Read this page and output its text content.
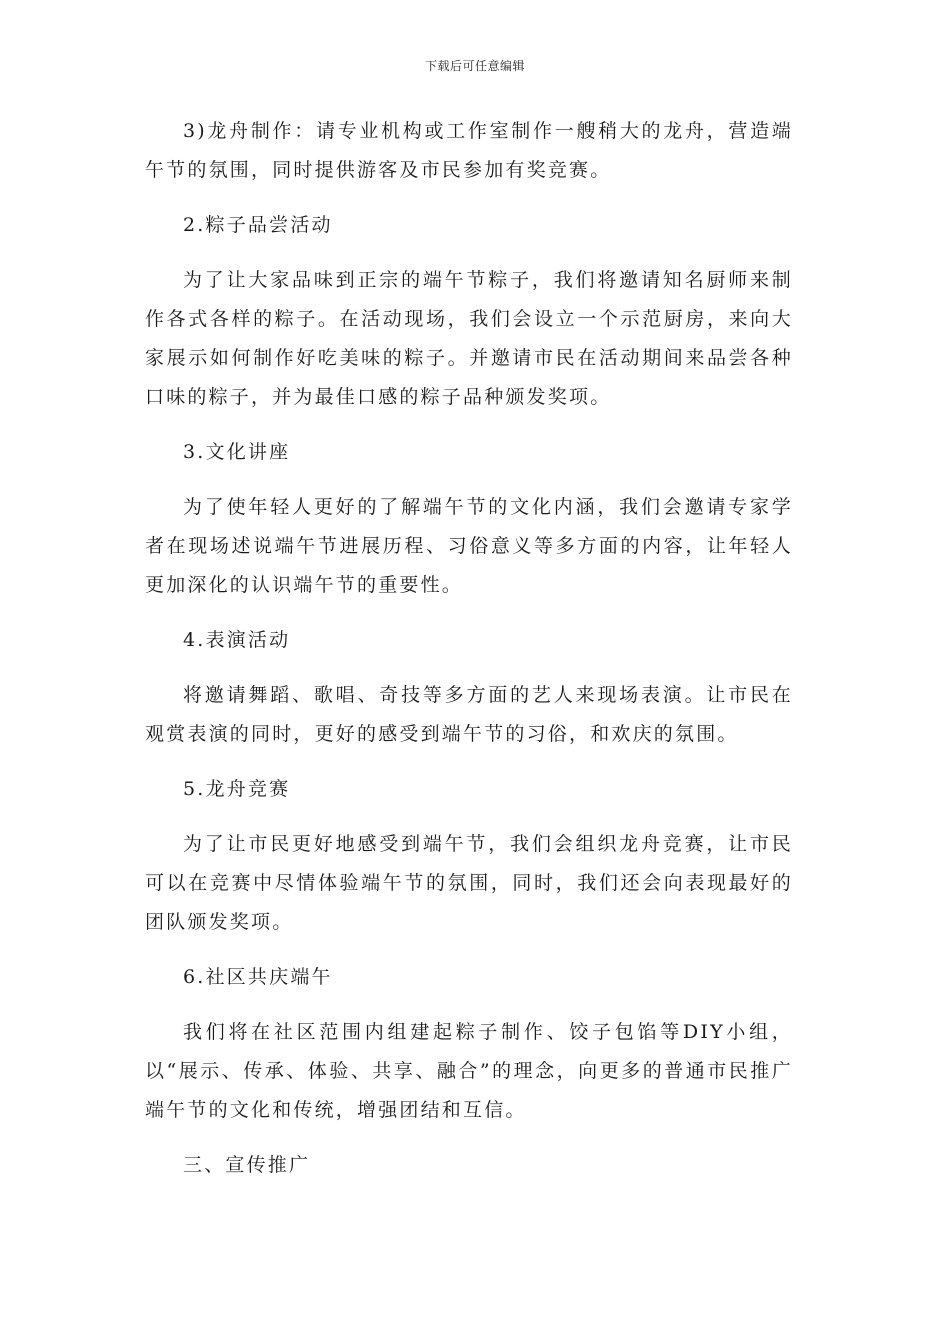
下载后可任意编辑

3)龙舟制作：请专业机构或工作室制作一艘稍大的龙舟，营造端午节的氛围，同时提供游客及市民参加有奖竞赛。

2.粽子品尝活动

为了让大家品味到正宗的端午节粽子，我们将邀请知名厨师来制作各式各样的粽子。在活动现场，我们会设立一个示范厨房，来向大家展示如何制作好吃美味的粽子。并邀请市民在活动期间来品尝各种口味的粽子，并为最佳口感的粽子品种颁发奖项。

3.文化讲座

为了使年轻人更好的了解端午节的文化内涵，我们会邀请专家学者在现场述说端午节进展历程、习俗意义等多方面的内容，让年轻人更加深化的认识端午节的重要性。

4.表演活动

将邀请舞蹈、歌唱、奇技等多方面的艺人来现场表演。让市民在观赏表演的同时，更好的感受到端午节的习俗，和欢庆的氛围。

5.龙舟竞赛

为了让市民更好地感受到端午节，我们会组织龙舟竞赛，让市民可以在竞赛中尽情体验端午节的氛围，同时，我们还会向表现最好的团队颁发奖项。

6.社区共庆端午

我们将在社区范围内组建起粽子制作、饺子包馅等DIY小组，以“展示、传承、体验、共享、融合”的理念，向更多的普通市民推广端午节的文化和传统，增强团结和互信。

三、宣传推广
